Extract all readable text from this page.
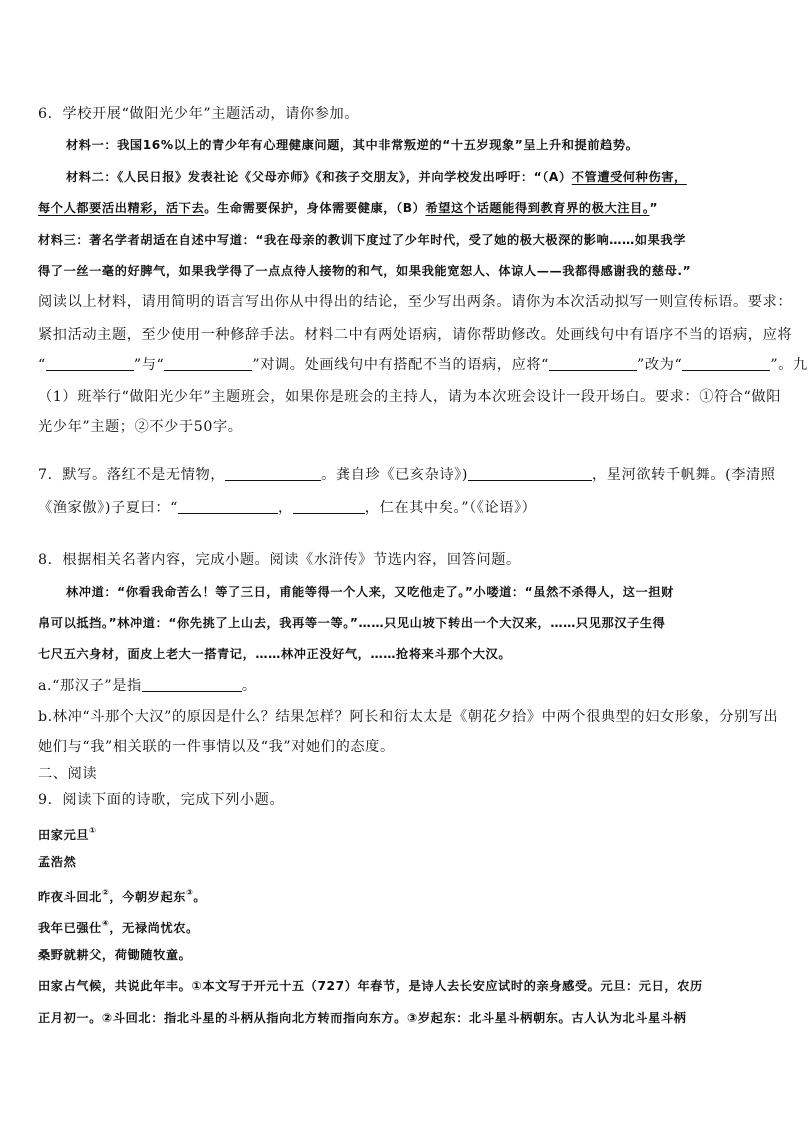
6．学校开展“做阳光少年”主题活动，请你参加。
材料一：我国16%以上的青少年有心理健康问题，其中非常叛逆的“十五岁现象”呈上升和提前趋势。
材料二：《人民日报》发表社论《父母亦师》《和孩子交朋友》，并向学校发出呼吁：“（A）不管遭受何种伤害，
每个人都要活出精彩，活下去。生命需要保护，身体需要健康，（B）希望这个话题能得到教育界的极大注目。”
材料三：著名学者胡适在自述中写道：“我在母亲的教训下度过了少年时代，受了她的极大极深的影响……如果我学
得了一丝一毫的好脾气，如果我学得了一点点待人接物的和气，如果我能宽恕人、体谅人——我都得感谢我的慈母.”
阅读以上材料，请用简明的语言写出你从中得出的结论，至少写出两条。请你为本次活动拟写一则宣传标语。要求：
紧扣活动主题，至少使用一种修辞手法。材料二中有两处语病，请你帮助修改。处画线句中有语序不当的语病，应将
“	”与“	”对调。处画线句中有搭配不当的语病，应将“	”改为“	”。九
（1）班举行“做阳光少年”主题班会，如果你是班会的主持人，请为本次班会设计一段开场白。要求：①符合“做阳
光少年”主题；②不少于50字。
7．默写。落红不是无情物，	。龚自珍《已亥杂诗》)	，星河欲转千帆舞。(李清照
《渔家傲》)子夏曰：“	，	，仁在其中矣。”（《论语》）
8．根据相关名著内容，完成小题。阅读《水浒传》节选内容，回答问题。
林冲道：“你看我命苦么！等了三日，甫能等得一个人来，又吃他走了。”小喽道：“虽然不杀得人，这一担财
帛可以抵挡。”林冲道：“你先挑了上山去，我再等一等。”……只见山坡下转出一个大汉来，……只见那汉子生得
七尺五六身材，面皮上老大一搭青记，……林冲正没好气，……抢将来斗那个大汉。
a.“那汉子”是指	。
b.林冲“斗那个大汉”的原因是什么？结果怎样？阿长和衍太太是《朝花夕拾》中两个很典型的妇女形象，分别写出
她们与“我”相关联的一件事情以及“我”对她们的态度。
二、阅读
9．阅读下面的诗歌，完成下列小题。
田家元旦①
孟浩然
昨夜斗回北②，今朝岁起东③。
我年已强仕④，无禄尚忧农。
桑野就耕父，荷锄随牧童。
田家占气候，共说此年丰。①本文写于开元十五（727）年春节，是诗人去长安应试时的亲身感受。元旦：元日，农历
正月初一。②斗回北：指北斗星的斗柄从指向北方转而指向东方。③岁起东：北斗星斗柄朝东。古人认为北斗星斗柄
